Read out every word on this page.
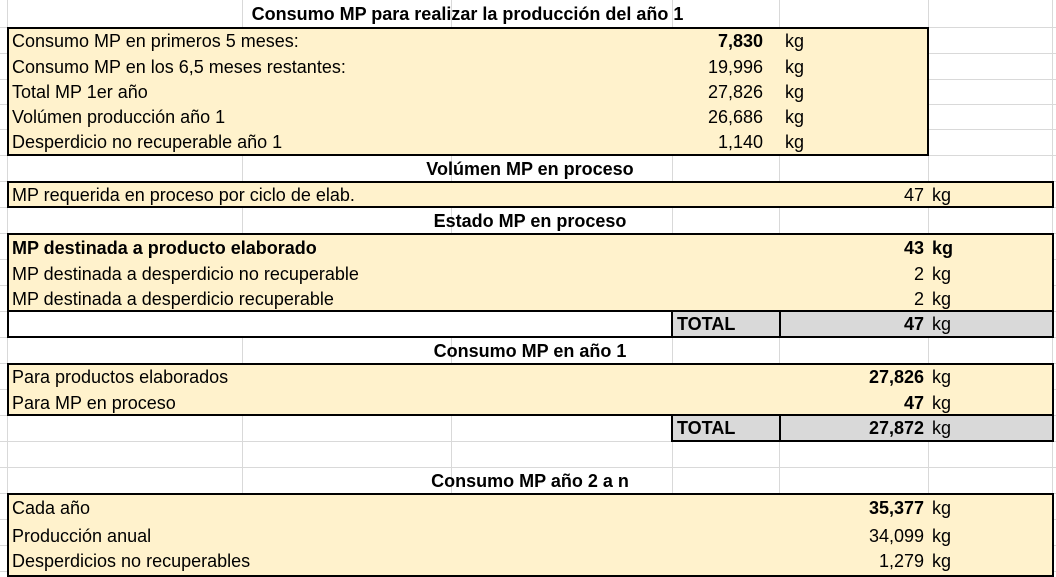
Consumo MP para realizar la producción del año 1
Consumo MP en primeros 5 meses:	7,830 kg
Consumo MP en los 6,5 meses restantes:	19,996 kg
Total MP 1er año	27,826 kg
Volúmen producción año 1	26,686 kg
Desperdicio no recuperable año 1	1,140 kg
Volúmen MP en proceso
MP requerida en proceso por ciclo de elab.	47 kg
Estado MP en proceso
MP destinada a producto elaborado	43 kg
MP destinada a desperdicio no recuperable	2 kg
MP destinada a desperdicio recuperable	2 kg
TOTAL	47 kg
Consumo MP en año 1
Para productos elaborados	27,826 kg
Para MP en proceso	47 kg
TOTAL	27,872 kg
Consumo MP año 2 a n
Cada año	35,377 kg
Producción anual	34,099 kg
Desperdicios no recuperables	1,279 kg
